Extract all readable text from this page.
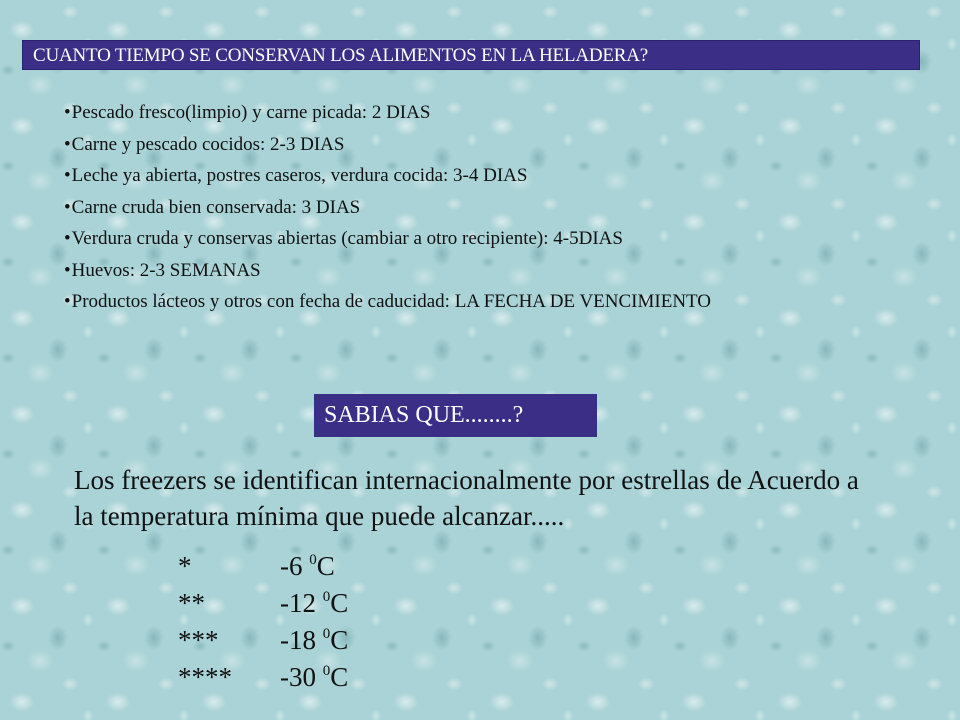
CUANTO TIEMPO SE CONSERVAN LOS ALIMENTOS EN LA HELADERA?
•Pescado fresco(limpio) y carne picada: 2 DIAS
•Carne y pescado cocidos: 2-3 DIAS
•Leche ya abierta, postres caseros, verdura cocida: 3-4 DIAS
•Carne cruda bien conservada: 3 DIAS
•Verdura cruda y conservas abiertas (cambiar a otro recipiente): 4-5DIAS
•Huevos: 2-3 SEMANAS
•Productos lácteos y otros con fecha de caducidad: LA FECHA DE VENCIMIENTO
SABIAS QUE........?

Los freezers se identifican internacionalmente por estrellas de Acuerdo a la temperatura mínima que puede alcanzar.....

*	-6 $^0$C
**	-12 $^0$C
***	-18 $^0$C
****	-30 $^0$C
